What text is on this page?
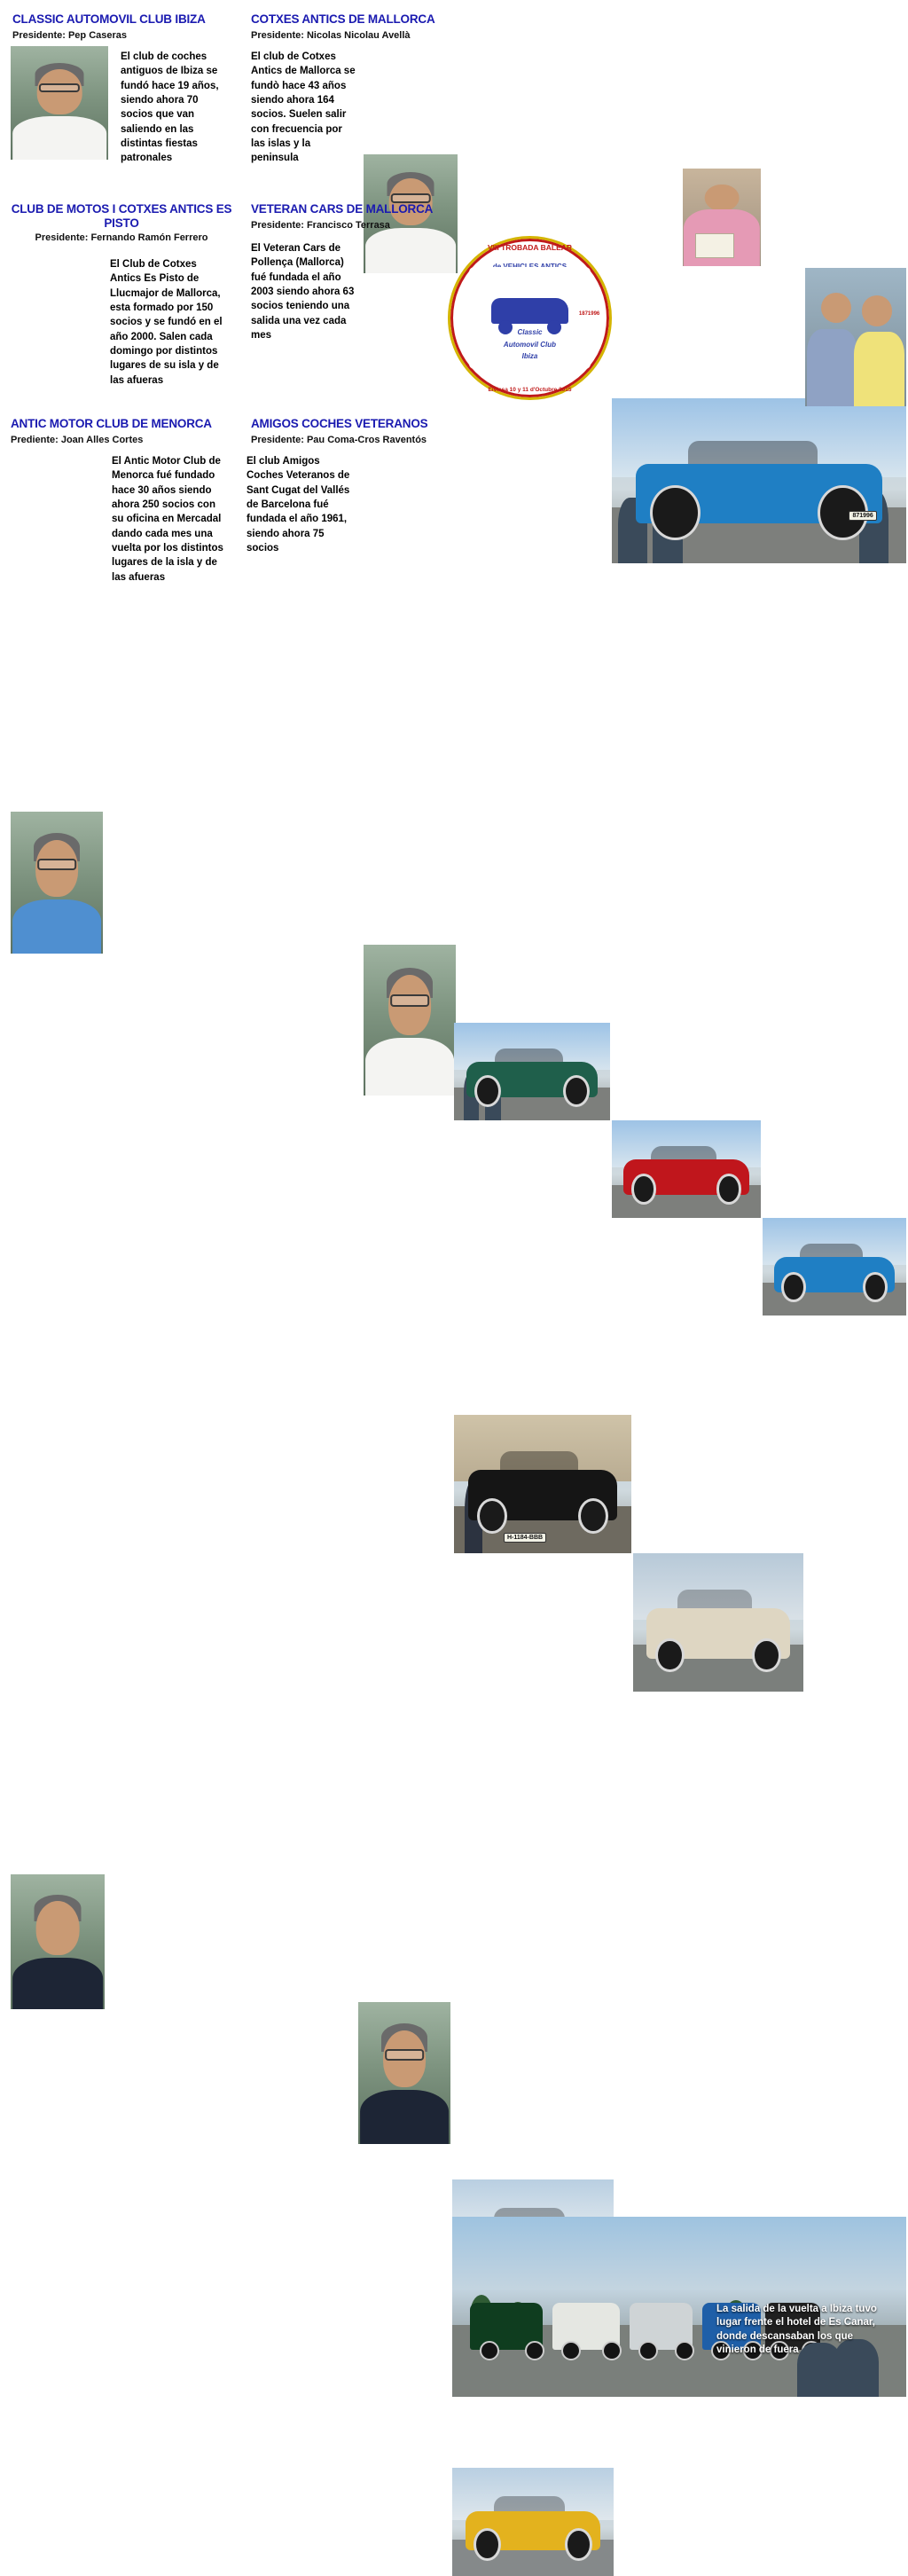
CLASSIC AUTOMOVIL CLUB IBIZA
Presidente: Pep Caseras
El club de coches antiguos de Ibiza se fundó hace 19 años, siendo ahora 70 socios que van saliendo en las distintas fiestas patronales
COTXES ANTICS DE MALLORCA
Presidente: Nicolas Nicolau Avellà
El club de Cotxes Antics de Mallorca se fundò hace 43 años siendo ahora 164 socios. Suelen salir con frecuencia por las islas y la peninsula
VIII TROBADA BALEAR
Classic
Automovil Club
Ibiza
1871996
Eivissa 10 y 11 d'Octubre 2015
871996
CLUB DE MOTOS I COTXES ANTICS ES PISTO
Presidente: Fernando Ramón Ferrero
El Club de Cotxes Antics Es Pisto de Llucmajor de Mallorca, esta formado por 150 socios y se fundó en el año 2000. Salen cada domingo por distintos lugares de su isla y de las afueras
VETERAN CARS DE MALLORCA
Presidente: Francisco Terrasa
El Veteran Cars de Pollença (Mallorca) fué fundada el año 2003 siendo ahora 63 socios teniendo una salida una vez cada mes
H-1184-BBB
ANTIC MOTOR CLUB DE MENORCA
Prediente: Joan Alles Cortes
El Antic Motor Club de Menorca fué fundado hace 30 años siendo ahora 250 socios con su oficina en Mercadal dando cada mes una vuelta por los distintos lugares de la isla y de las afueras
AMIGOS COCHES VETERANOS
Presidente: Pau Coma-Cros Raventós
El club Amigos Coches Veteranos de Sant Cugat del Vallés de Barcelona fué fundada el año 1961, siendo ahora 75 socios
La salida de la vuelta a Ibiza tuvo lugar frente el hotel de Es Canar, donde descansaban los que vinieron de fuera
